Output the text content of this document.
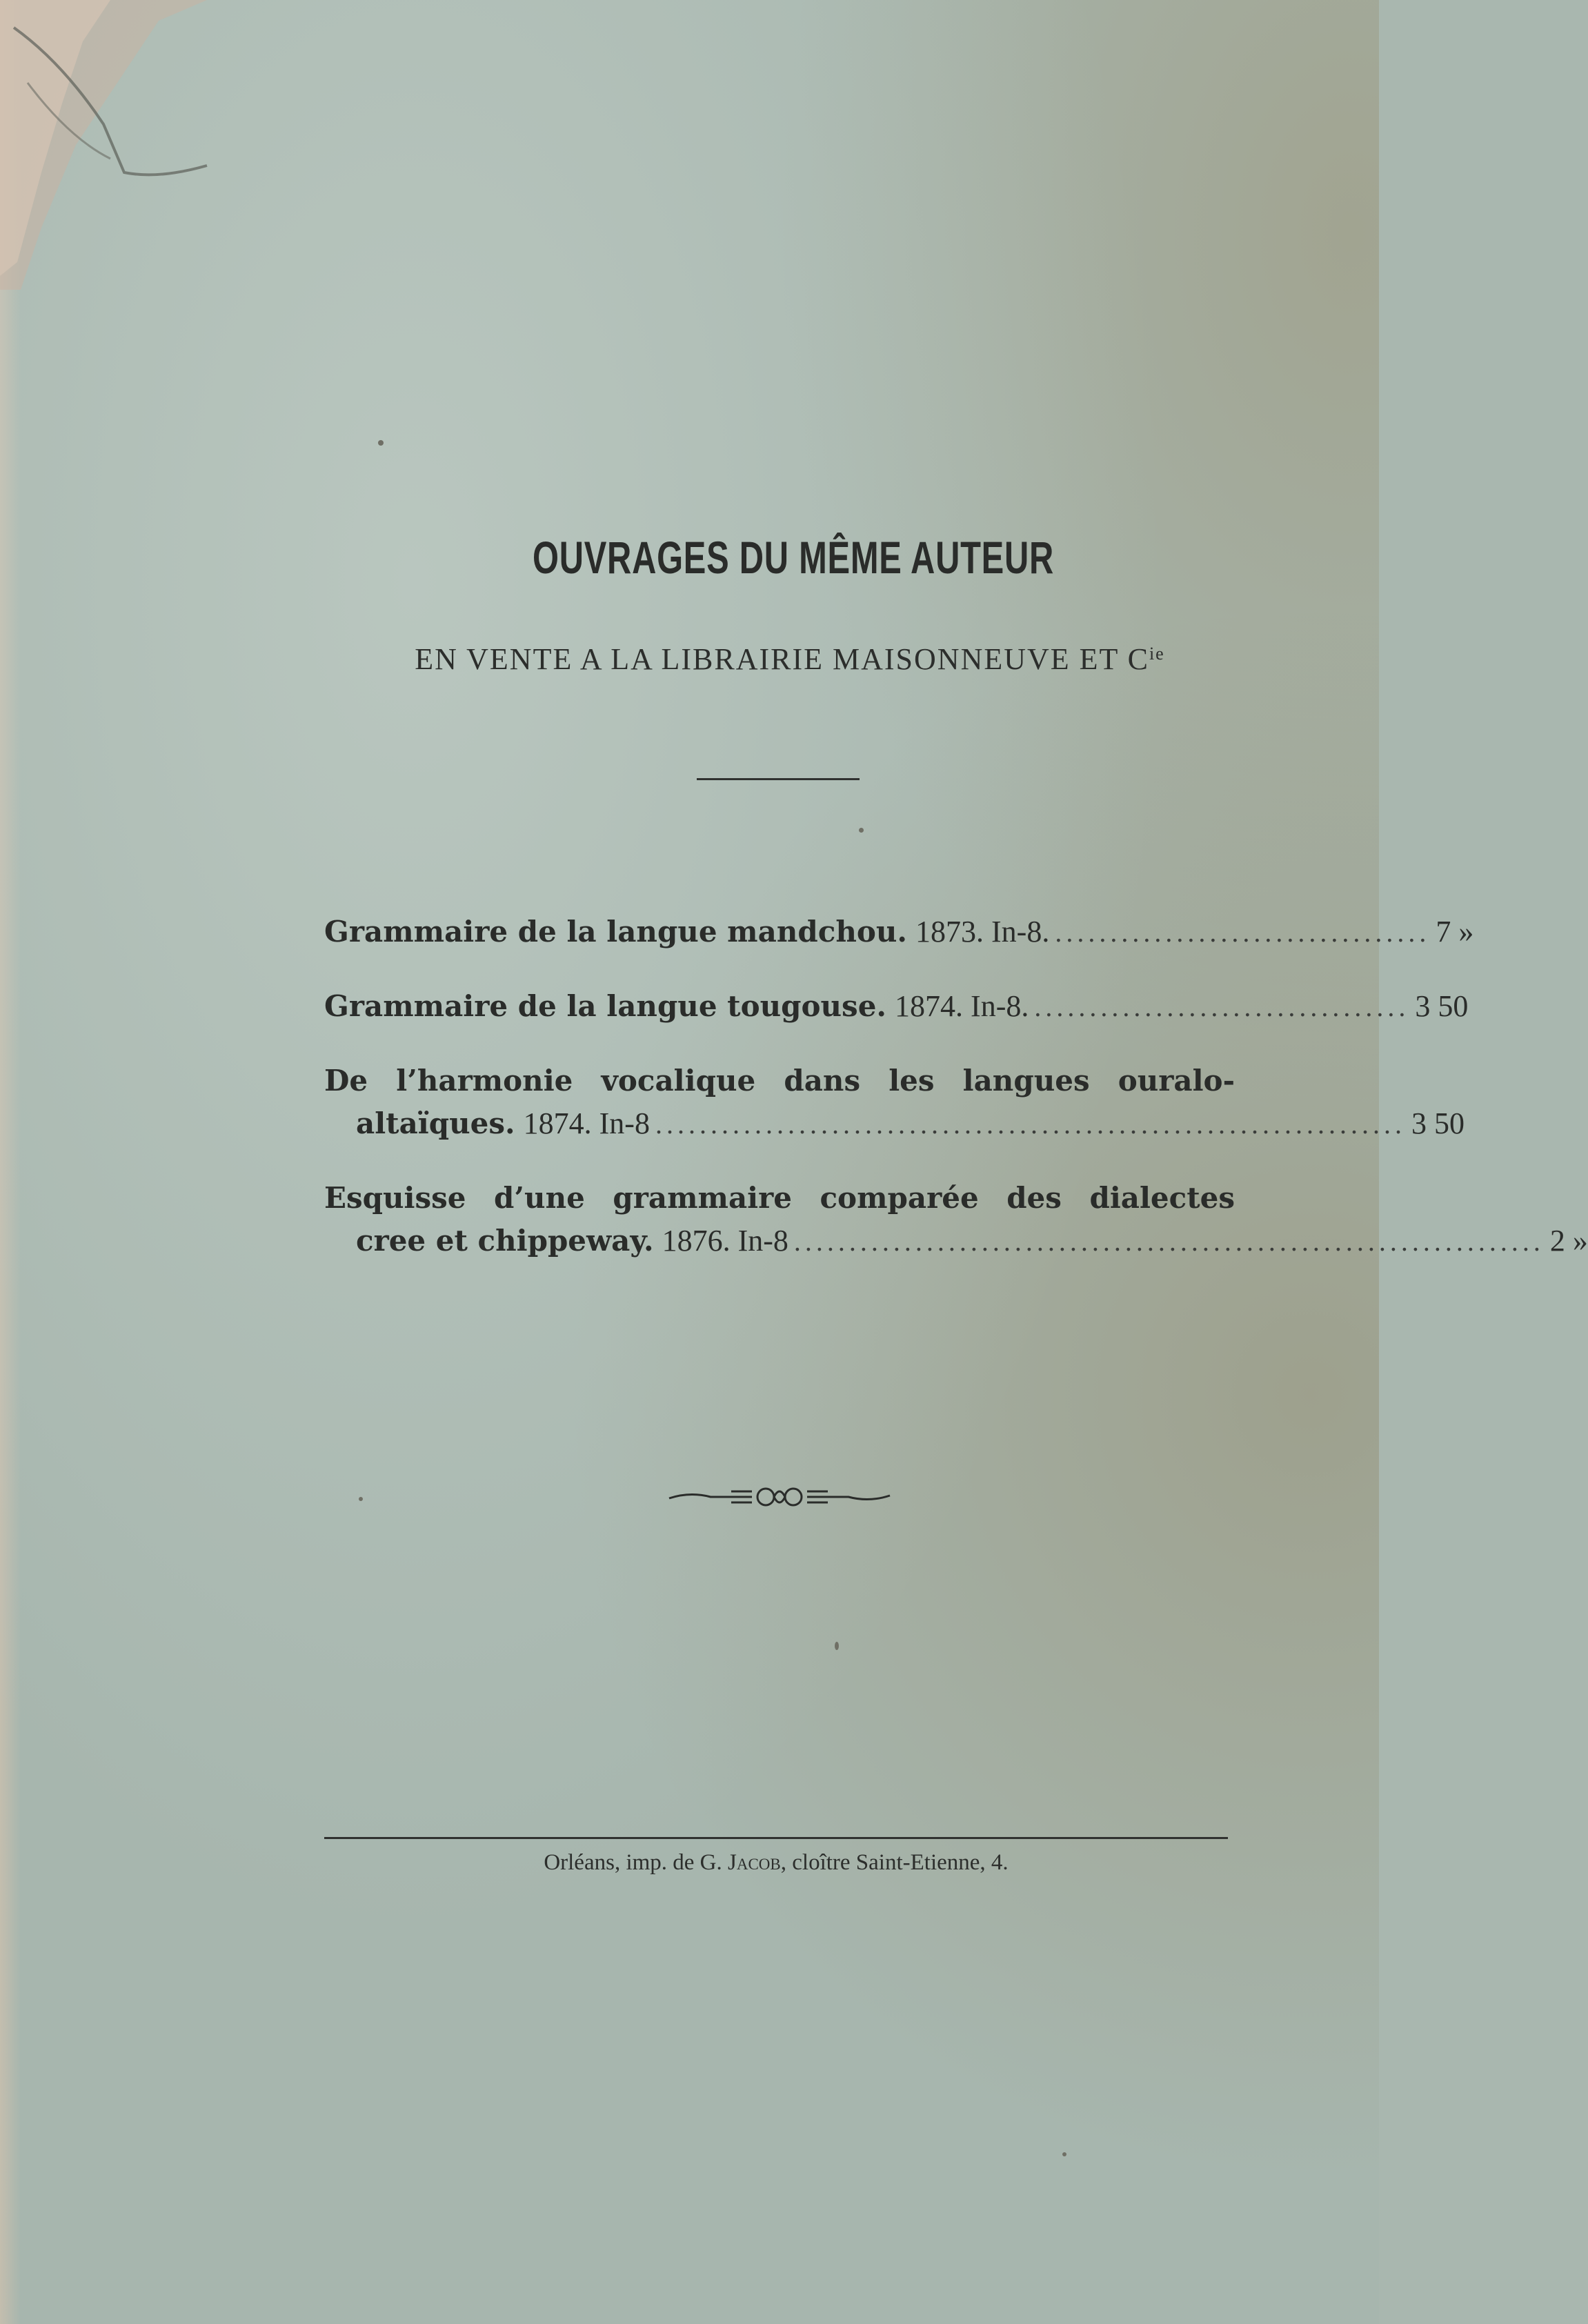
OUVRAGES DU MÊME AUTEUR
EN VENTE A LA LIBRAIRIE MAISONNEUVE ET $C^{ie}$
Grammaire de la langue mandchou. 1873. In-8. .................................. 7 »
Grammaire de la langue tougouse. 1874. In-8. .................................. 3 50
De l’harmonie vocalique dans les langues ouralo-
altaïques. 1874. In-8 .................................................................... 3 50
Esquisse d’une grammaire comparée des dialectes
cree et chippeway. 1876. In-8 .................................................................... 2 »
Orléans, imp. de G. Jacob, cloître Saint-Etienne, 4.
